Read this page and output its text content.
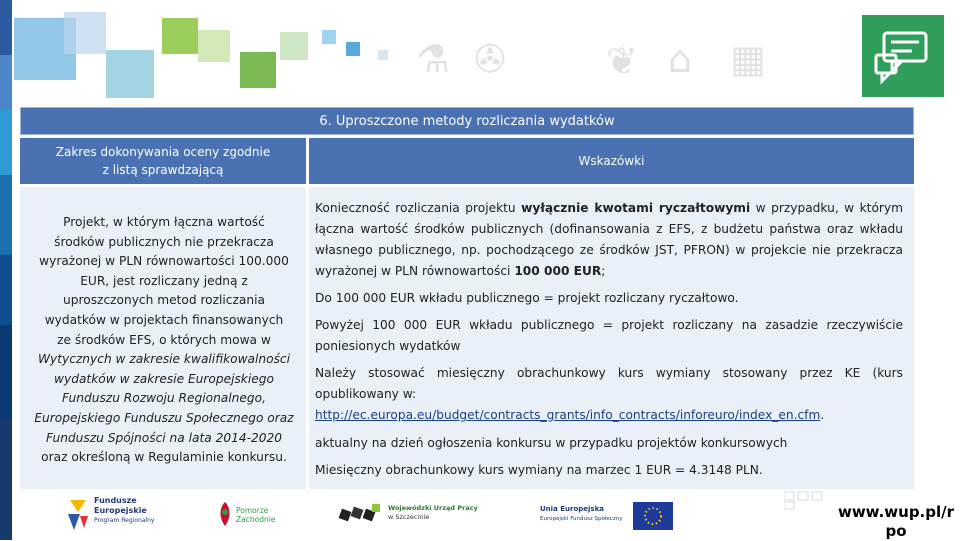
⚗ ✇	❦ ⌂ ▦
6. Uproszczone metody rozliczania wydatków
Zakres dokonywania oceny zgodnie
z listą sprawdzającą
Wskazówki
Projekt, w którym łączna wartość
środków publicznych nie przekracza
wyrażonej w PLN równowartości 100.000
EUR, jest rozliczany jedną z
uproszczonych metod rozliczania
wydatków w projektach finansowanych
ze środków EFS, o których mowa w
Wytycznych w zakresie kwalifikowalności
wydatków w zakresie Europejskiego
Funduszu Rozwoju Regionalnego,
Europejskiego Funduszu Społecznego oraz
Funduszu Spójności na lata 2014-2020
oraz określoną w Regulaminie konkursu.
Konieczność rozliczania projektu wyłącznie kwotami ryczałtowymi w przypadku, w którym łączna wartość środków publicznych (dofinansowania z EFS, z budżetu państwa oraz wkładu własnego publicznego, np. pochodzącego ze środków JST, PFRON) w projekcie nie przekracza wyrażonej w PLN równowartości 100 000 EUR;
Do 100 000 EUR wkładu publicznego = projekt rozliczany ryczałtowo.
Powyżej 100 000 EUR wkładu publicznego = projekt rozliczany na zasadzie rzeczywiście poniesionych wydatków
Należy stosować miesięczny obrachunkowy kurs wymiany stosowany przez KE (kurs opublikowany w:
http://ec.europa.eu/budget/contracts_grants/info_contracts/inforeuro/index_en.cfm.
aktualny na dzień ogłoszenia konkursu w przypadku projektów konkursowych
Miesięczny obrachunkowy kurs wymiany na marzec 1 EUR = 4.3148 PLN.
Fundusze
Europejskie
Program Regionalny
Pomorze
Zachodnie
Wojewódzki Urząd Pracy
w Szczecinie
Unia Europejska
Europejski Fundusz Społeczny	www.wup.pl/r
po
